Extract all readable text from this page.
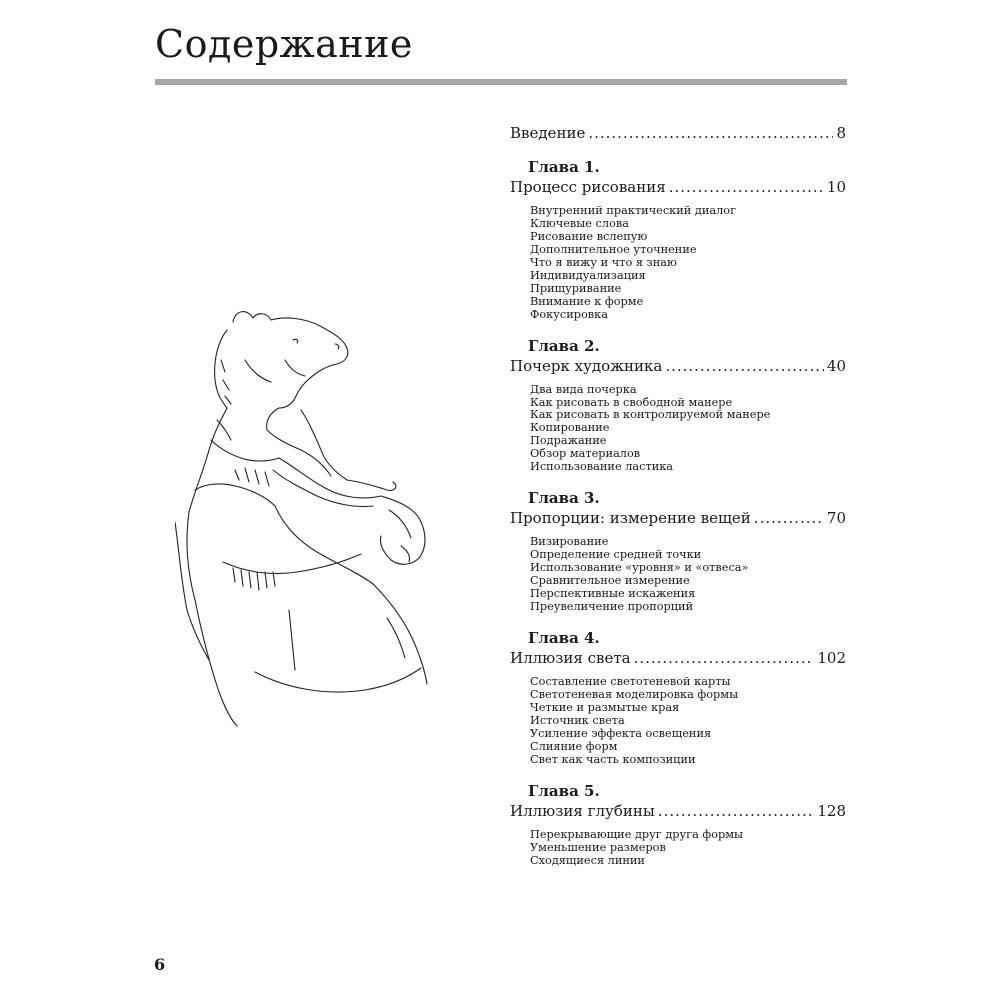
Содержание
Введение .....	8
Глава 1.
Процесс рисования .....	10
Внутренний практический диалог
Ключевые слова
Рисование вслепую
Дополнительное уточнение
Что я вижу и что я знаю
Индивидуализация
Прищуривание
Внимание к форме
Фокусировка
Глава 2.
Почерк художника .....	40
Два вида почерка
Как рисовать в свободной манере
Как рисовать в контролируемой манере
Копирование
Подражание
Обзор материалов
Использование ластика
Глава 3.
Пропорции: измерение вещей .....	70
Визирование
Определение средней точки
Использование «уровня» и «отвеса»
Сравнительное измерение
Перспективные искажения
Преувеличение пропорций
Глава 4.
Иллюзия света .....	102
Составление светотеневой карты
Светотеневая моделировка формы
Четкие и размытые края
Источник света
Усиление эффекта освещения
Слияние форм
Свет как часть композиции
Глава 5.
Иллюзия глубины .....	128
Перекрывающие друг друга формы
Уменьшение размеров
Сходящиеся линии
6
